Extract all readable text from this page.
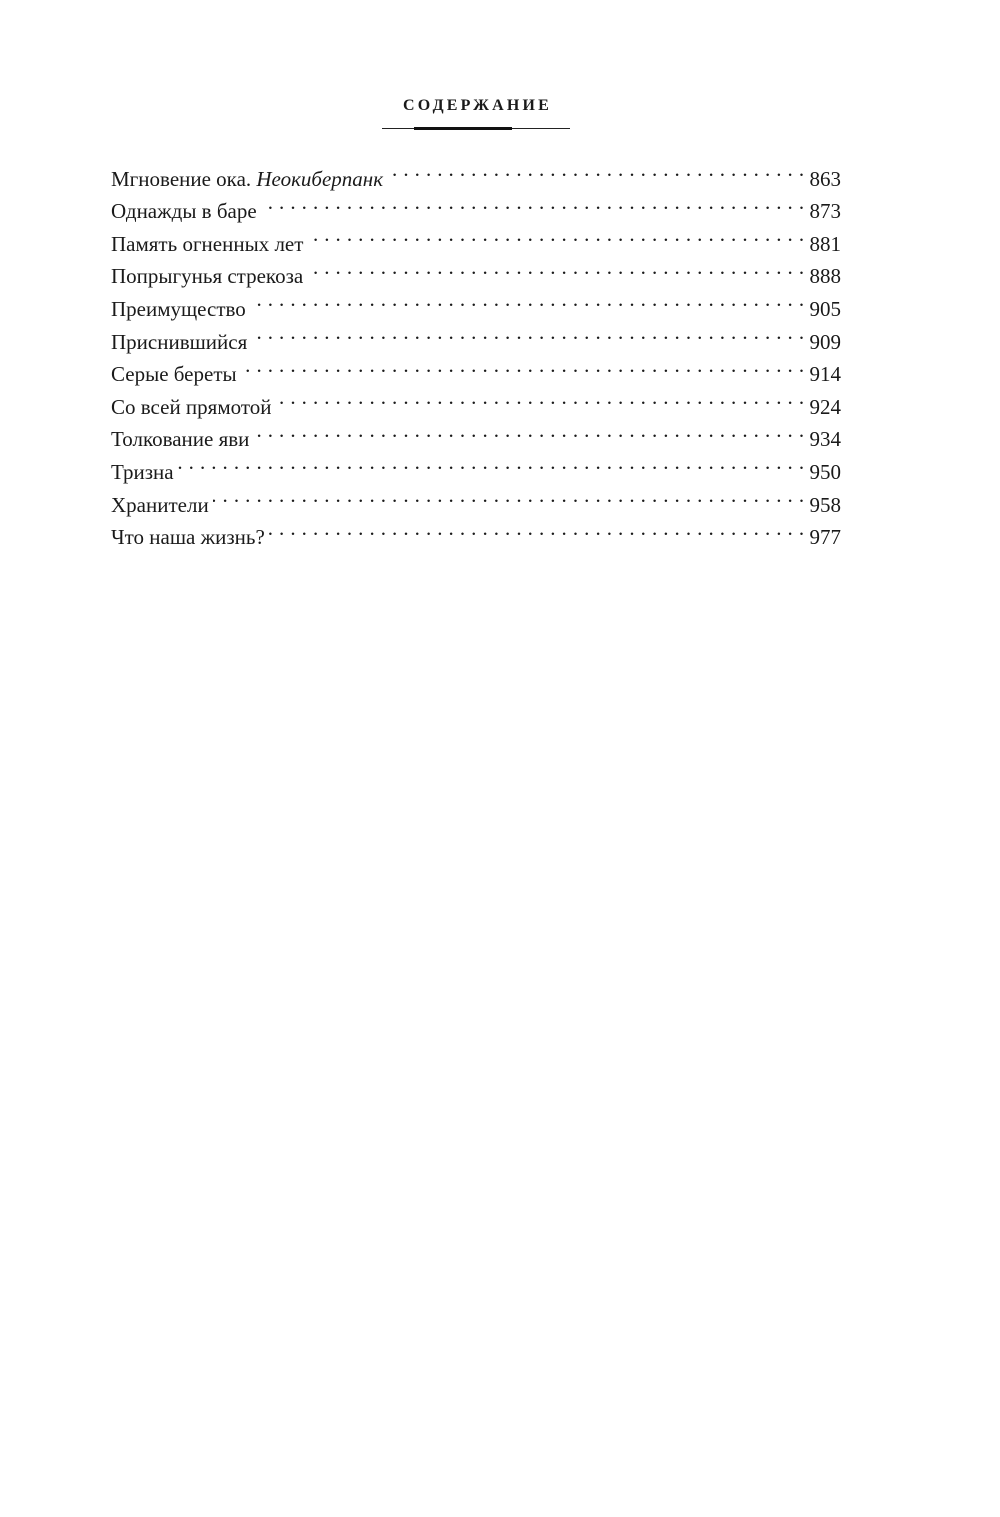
СОДЕРЖАНИЕ
Мгновение ока. Неокиберпанк . . .	863
Однажды в баре . . .	873
Память огненных лет . . .	881
Попрыгунья стрекоза . . .	888
Преимущество . . .	905
Приснившийся . . .	909
Серые береты . . .	914
Со всей прямотой . . .	924
Толкование яви . . .	934
Тризна . . .	950
Хранители . . .	958
Что наша жизнь? . . .	977
